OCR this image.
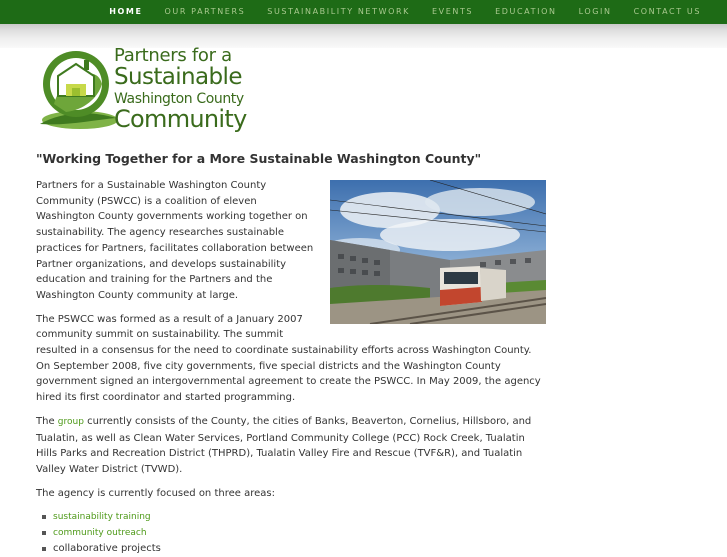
HOME	OUR PARTNERS	SUSTAINABILITY NETWORK	EVENTS	EDUCATION	LOGIN	CONTACT US
Partners for a
Sustainable
Washington County
Community
"Working Together for a More Sustainable Washington County"

Partners for a Sustainable Washington County Community (PSWCC) is a coalition of eleven Washington County governments working together on sustainability. The agency researches sustainable practices for Partners, facilitates collaboration between Partner organizations, and develops sustainability education and training for the Partners and the Washington County community at large.

The PSWCC was formed as a result of a January 2007 community summit on sustainability. The summit resulted in a consensus for the need to coordinate sustainability efforts across Washington County. On September 2008, five city governments, five special districts and the Washington County government signed an intergovernmental agreement to create the PSWCC. In May 2009, the agency hired its first coordinator and started programming.

The group currently consists of the County, the cities of Banks, Beaverton, Cornelius, Hillsboro, and Tualatin, as well as Clean Water Services, Portland Community College (PCC) Rock Creek, Tualatin Hills Parks and Recreation District (THPRD), Tualatin Valley Fire and Rescue (TVF&R), and Tualatin Valley Water District (TVWD).

The agency is currently focused on three areas:

sustainability training
community outreach
collaborative projects
